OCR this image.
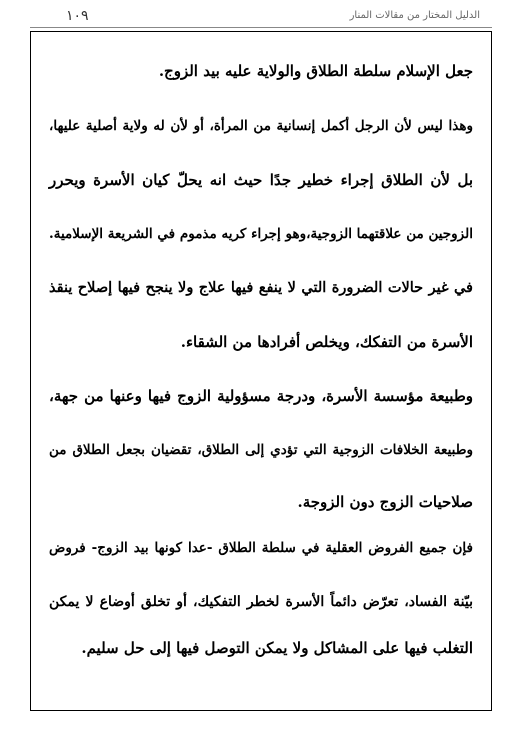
١٠٩	الدليل المختار من مقالات المنار
جعل الإسلام سلطة الطلاق والولاية عليه بيد الزوج.
وهذا ليس لأن الرجل أكمل إنسانية من المرأة، أو لأن له ولاية أصلية عليها،
بل لأن الطلاق إجراء خطير جدًا حيث انه يحلّ كيان الأسرة ويحرر
الزوجين من علاقتهما الزوجية،وهو إجراء كريه مذموم في الشريعة الإسلامية.
في غير حالات الضرورة التي لا ينفع فيها علاج ولا ينجح فيها إصلاح ينقذ
الأسرة من التفكك، ويخلص أفرادها من الشقاء.
وطبيعة مؤسسة الأسرة، ودرجة مسؤولية الزوج فيها وعنها من جهة،
وطبيعة الخلافات الزوجية التي تؤدي إلى الطلاق، تقضيان بجعل الطلاق من
صلاحيات الزوج دون الزوجة.
فإن جميع الفروض العقلية في سلطة الطلاق -عدا كونها بيد الزوج- فروض
بيّنة الفساد، تعرّض دائماً الأسرة لخطر التفكيك، أو تخلق أوضاع لا يمكن
التغلب فيها على المشاكل ولا يمكن التوصل فيها إلى حل سليم.
